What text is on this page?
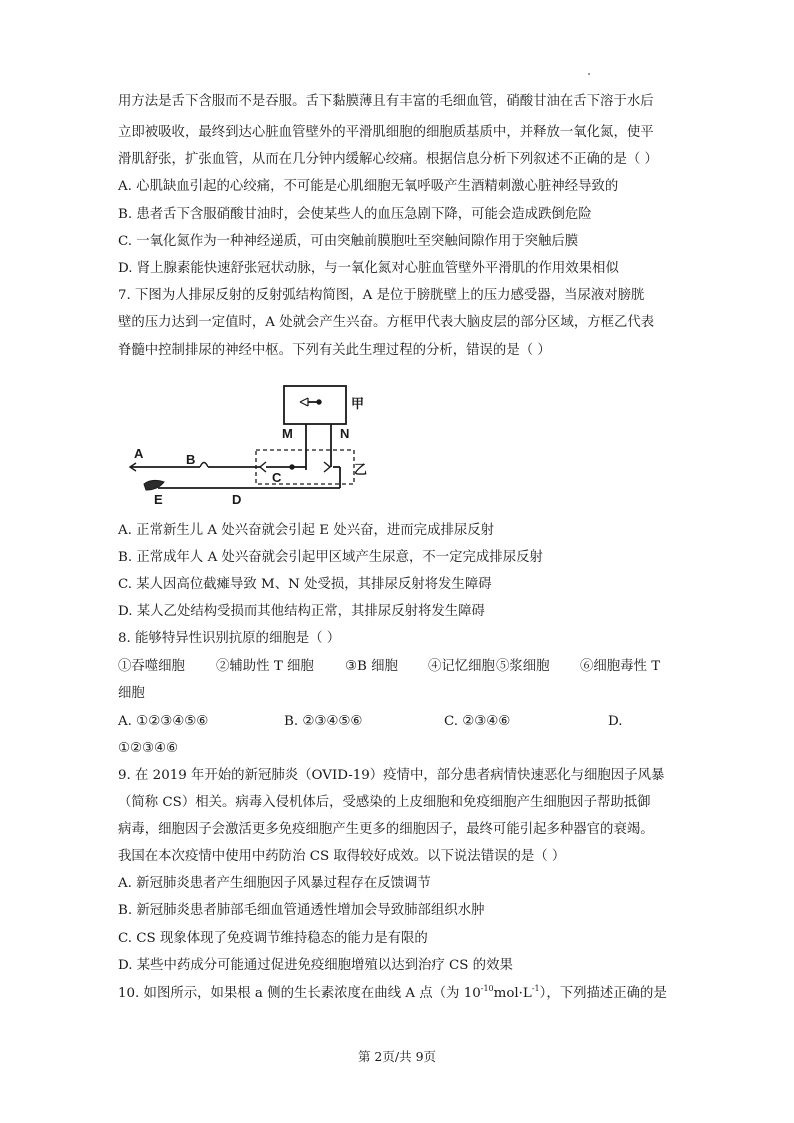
用方法是舌下含服而不是吞服。舌下黏膜薄且有丰富的毛细血管，硝酸甘油在舌下溶于水后
立即被吸收，最终到达心脏血管壁外的平滑肌细胞的细胞质基质中，并释放一氧化氮，使平
滑肌舒张，扩张血管，从而在几分钟内缓解心绞痛。根据信息分析下列叙述不正确的是（ ）
A. 心肌缺血引起的心绞痛，不可能是心肌细胞无氧呼吸产生酒精刺激心脏神经导致的
B. 患者舌下含服硝酸甘油时，会使某些人的血压急剧下降，可能会造成跌倒危险
C. 一氧化氮作为一种神经递质，可由突触前膜胞吐至突触间隙作用于突触后膜
D. 肾上腺素能快速舒张冠状动脉，与一氧化氮对心脏血管壁外平滑肌的作用效果相似
7. 下图为人排尿反射的反射弧结构简图，A 是位于膀胱壁上的压力感受器，当尿液对膀胱
壁的压力达到一定值时，A 处就会产生兴奋。方框甲代表大脑皮层的部分区域，方框乙代表
脊髓中控制排尿的神经中枢。下列有关此生理过程的分析，错误的是（ ）
A	B
C
D
E
M	N
甲
乙
A. 正常新生儿 A 处兴奋就会引起 E 处兴奋，进而完成排尿反射
B. 正常成年人 A 处兴奋就会引起甲区域产生尿意，不一定完成排尿反射
C. 某人因高位截瘫导致 M、N 处受损，其排尿反射将发生障碍
D. 某人乙处结构受损而其他结构正常，其排尿反射将发生障碍
8. 能够特异性识别抗原的细胞是（ ）
①吞噬细胞 ②辅助性 T 细胞 ③B 细胞 ④记忆细胞 ⑤浆细胞 ⑥细胞毒性 T
细胞
A. ①②③④⑤⑥	B. ②③④⑤⑥	C. ②③④⑥	D.
①②③④⑥
9. 在 2019 年开始的新冠肺炎（OVID-19）疫情中，部分患者病情快速恶化与细胞因子风暴
（简称 CS）相关。病毒入侵机体后，受感染的上皮细胞和免疫细胞产生细胞因子帮助抵御
病毒，细胞因子会激活更多免疫细胞产生更多的细胞因子，最终可能引起多种器官的衰竭。
我国在本次疫情中使用中药防治 CS 取得较好成效。以下说法错误的是（ ）
A. 新冠肺炎患者产生细胞因子风暴过程存在反馈调节
B. 新冠肺炎患者肺部毛细血管通透性增加会导致肺部组织水肿
C. CS 现象体现了免疫调节维持稳态的能力是有限的
D. 某些中药成分可能通过促进免疫细胞增殖以达到治疗 CS 的效果
10. 如图所示，如果根 a 侧的生长素浓度在曲线 A 点（为 $10^{-10}mol\cdot L^{-1}$），下列描述正确的是
第 2页/共 9页
